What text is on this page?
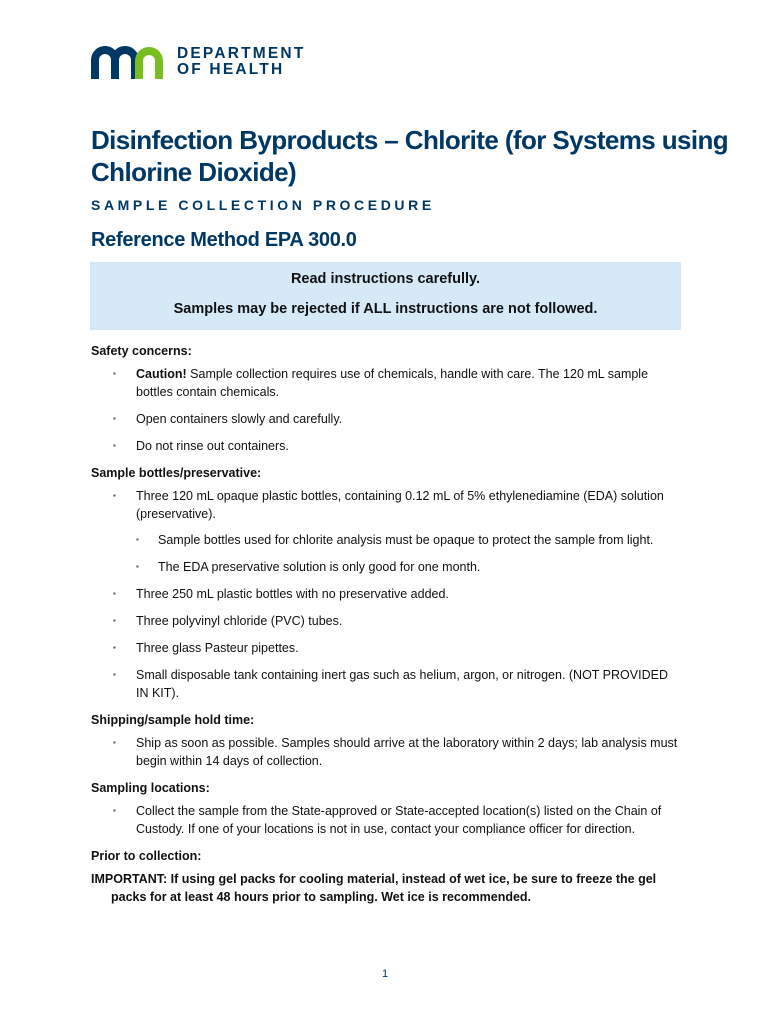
DEPARTMENT
OF HEALTH
Disinfection Byproducts – Chlorite (for Systems using Chlorine Dioxide)
SAMPLE COLLECTION PROCEDURE
Reference Method EPA 300.0
Read instructions carefully.
Samples may be rejected if ALL instructions are not followed.
Safety concerns:
▪ Caution! Sample collection requires use of chemicals, handle with care. The 120 mL sample bottles contain chemicals.
▪ Open containers slowly and carefully.
▪ Do not rinse out containers.
Sample bottles/preservative:
▪ Three 120 mL opaque plastic bottles, containing 0.12 mL of 5% ethylenediamine (EDA) solution (preservative).
▪ Sample bottles used for chlorite analysis must be opaque to protect the sample from light.
▪ The EDA preservative solution is only good for one month.
▪ Three 250 mL plastic bottles with no preservative added.
▪ Three polyvinyl chloride (PVC) tubes.
▪ Three glass Pasteur pipettes.
▪ Small disposable tank containing inert gas such as helium, argon, or nitrogen. (NOT PROVIDED IN KIT).
Shipping/sample hold time:
▪ Ship as soon as possible. Samples should arrive at the laboratory within 2 days; lab analysis must begin within 14 days of collection.
Sampling locations:
▪ Collect the sample from the State-approved or State-accepted location(s) listed on the Chain of Custody. If one of your locations is not in use, contact your compliance officer for direction.
Prior to collection:
IMPORTANT: If using gel packs for cooling material, instead of wet ice, be sure to freeze the gel packs for at least 48 hours prior to sampling. Wet ice is recommended.
1
